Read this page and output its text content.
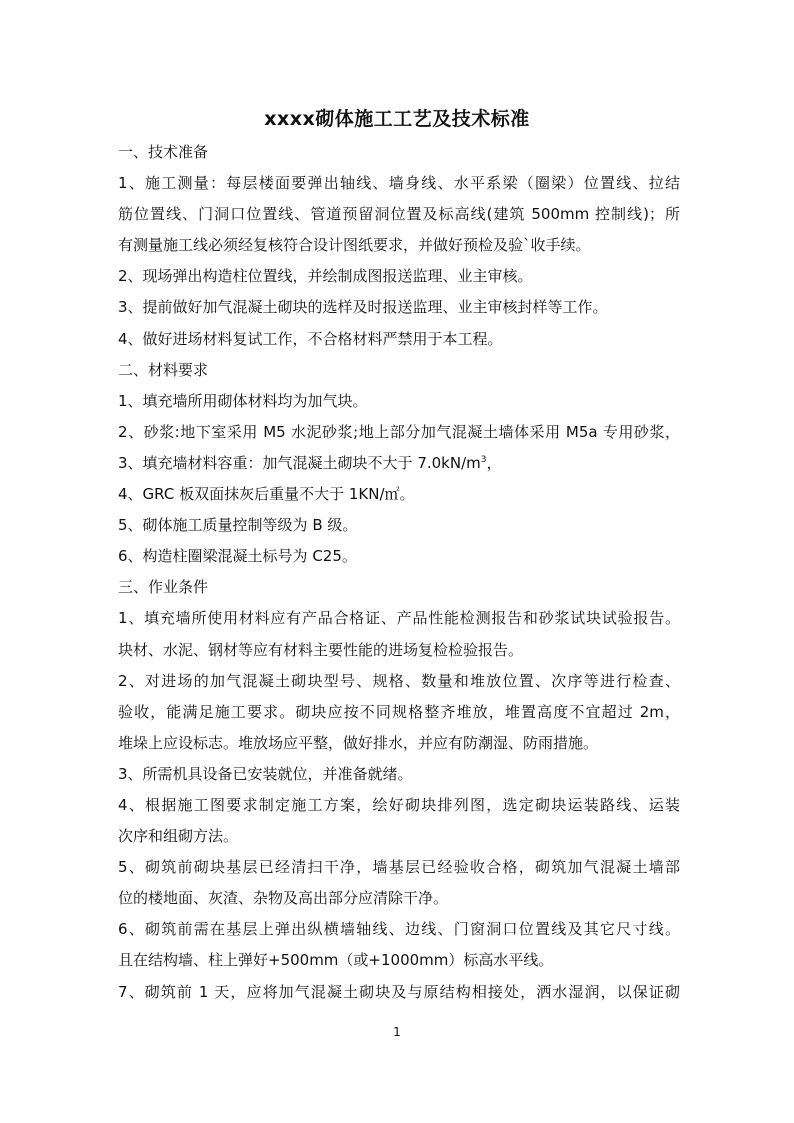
xxxx砌体施工工艺及技术标准
一、技术准备
1、施工测量：每层楼面要弹出轴线、墙身线、水平系梁（圈梁）位置线、拉结
筋位置线、门洞口位置线、管道预留洞位置及标高线(建筑 500mm 控制线)；所
有测量施工线必须经复核符合设计图纸要求，并做好预检及验`收手续。
2、现场弹出构造柱位置线，并绘制成图报送监理、业主审核。
3、提前做好加气混凝土砌块的选样及时报送监理、业主审核封样等工作。
4、做好进场材料复试工作，不合格材料严禁用于本工程。
二、材料要求
1、填充墙所用砌体材料均为加气块。
2、砂浆:地下室采用 M5 水泥砂浆;地上部分加气混凝土墙体采用 M5a 专用砂浆，
3、填充墙材料容重：加气混凝土砌块不大于 $7.0kN/m^3$，
4、GRC 板双面抹灰后重量不大于 1KN/㎡。
5、砌体施工质量控制等级为 B 级。
6、构造柱圈梁混凝土标号为 C25。
三、作业条件
1、填充墙所使用材料应有产品合格证、产品性能检测报告和砂浆试块试验报告。
块材、水泥、钢材等应有材料主要性能的进场复检检验报告。
2、对进场的加气混凝土砌块型号、规格、数量和堆放位置、次序等进行检查、
验收，能满足施工要求。砌块应按不同规格整齐堆放，堆置高度不宜超过 2m，
堆垛上应设标志。堆放场应平整，做好排水，并应有防潮湿、防雨措施。
3、所需机具设备已安装就位，并准备就绪。
4、根据施工图要求制定施工方案，绘好砌块排列图，选定砌块运装路线、运装
次序和组砌方法。
5、砌筑前砌块基层已经清扫干净，墙基层已经验收合格，砌筑加气混凝土墙部
位的楼地面、灰渣、杂物及高出部分应清除干净。
6、砌筑前需在基层上弹出纵横墙轴线、边线、门窗洞口位置线及其它尺寸线。
且在结构墙、柱上弹好+500mm（或+1000mm）标高水平线。
7、砌筑前 1 天，应将加气混凝土砌块及与原结构相接处，洒水湿润，以保证砌
1
